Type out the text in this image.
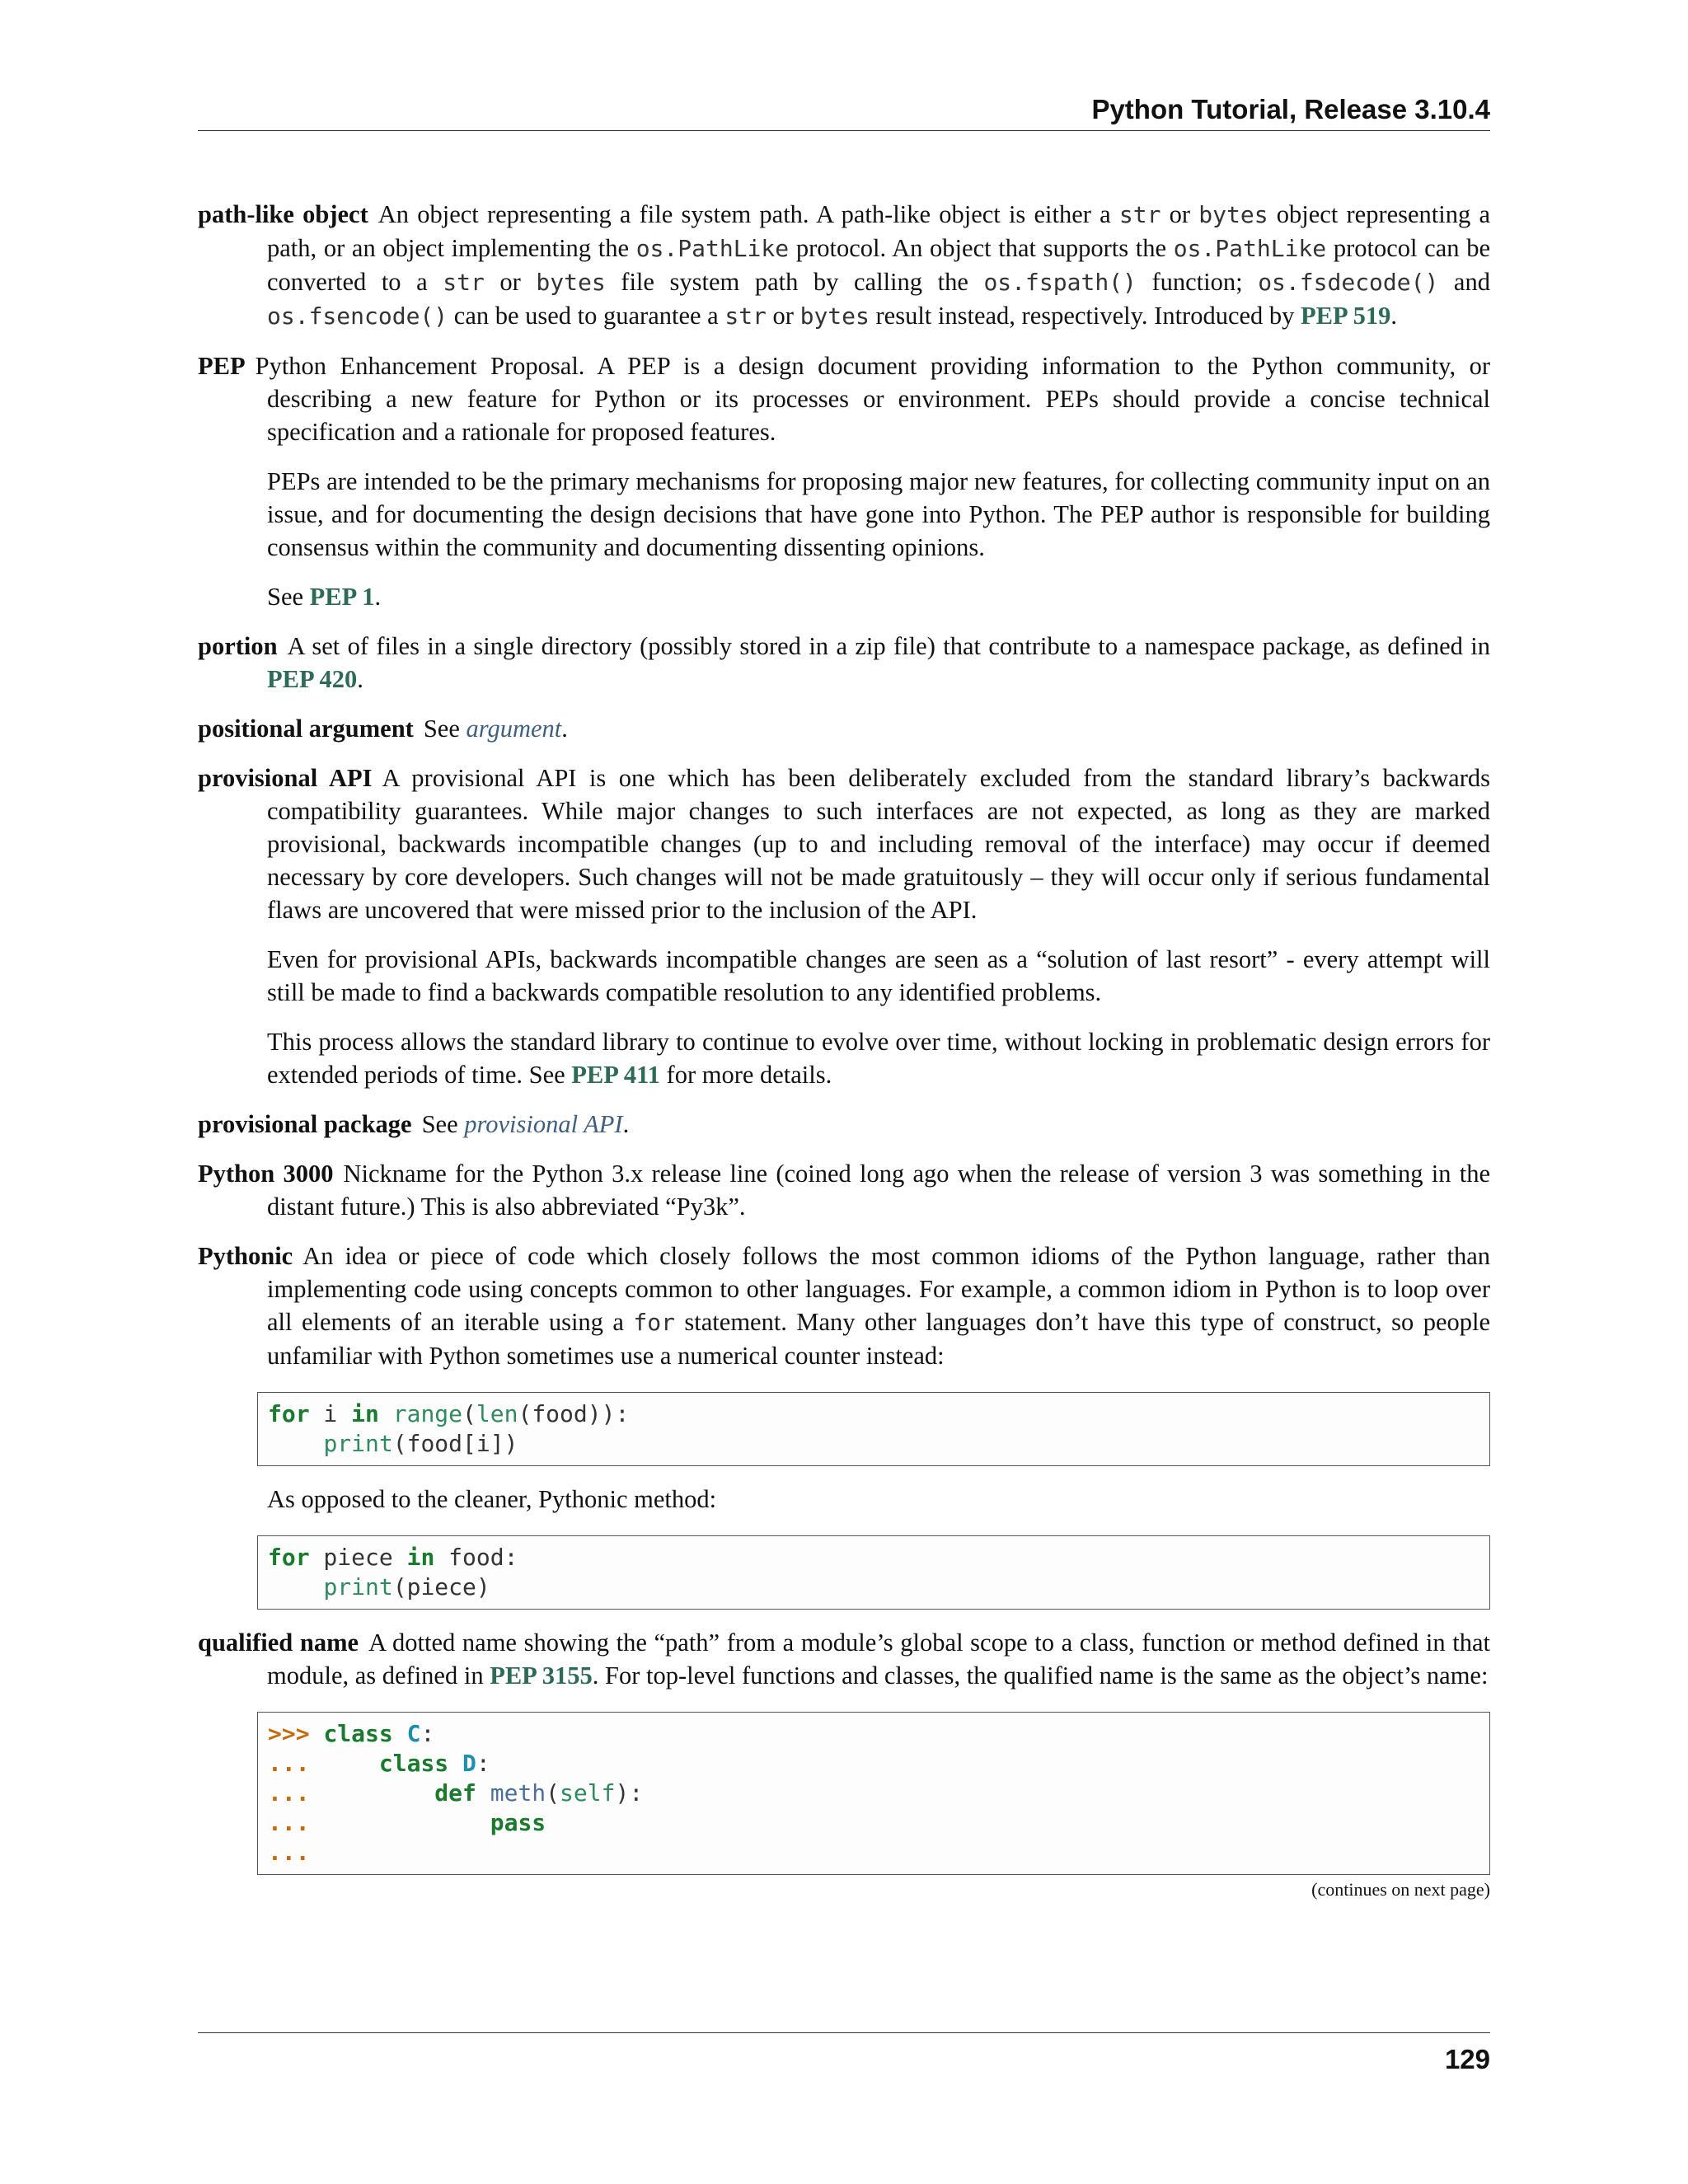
Python Tutorial, Release 3.10.4

path-like object An object representing a file system path. A path-like object is either a str or bytes object representing a path, or an object implementing the os.PathLike protocol. An object that supports the os.PathLike protocol can be converted to a str or bytes file system path by calling the os.fspath() function; os.fsdecode() and os.fsencode() can be used to guarantee a str or bytes result instead, respectively. Introduced by PEP 519.

PEP Python Enhancement Proposal. A PEP is a design document providing information to the Python community, or describing a new feature for Python or its processes or environment. PEPs should provide a concise technical specification and a rationale for proposed features.

PEPs are intended to be the primary mechanisms for proposing major new features, for collecting community input on an issue, and for documenting the design decisions that have gone into Python. The PEP author is responsible for building consensus within the community and documenting dissenting opinions.

See PEP 1.

portion A set of files in a single directory (possibly stored in a zip file) that contribute to a namespace package, as defined in PEP 420.

positional argument See argument.

provisional API A provisional API is one which has been deliberately excluded from the standard library’s backwards compatibility guarantees. While major changes to such interfaces are not expected, as long as they are marked provisional, backwards incompatible changes (up to and including removal of the interface) may occur if deemed necessary by core developers. Such changes will not be made gratuitously – they will occur only if serious fundamental flaws are uncovered that were missed prior to the inclusion of the API.

Even for provisional APIs, backwards incompatible changes are seen as a “solution of last resort” - every attempt will still be made to find a backwards compatible resolution to any identified problems.

This process allows the standard library to continue to evolve over time, without locking in problematic design errors for extended periods of time. See PEP 411 for more details.

provisional package See provisional API.

Python 3000 Nickname for the Python 3.x release line (coined long ago when the release of version 3 was something in the distant future.) This is also abbreviated “Py3k”.

Pythonic An idea or piece of code which closely follows the most common idioms of the Python language, rather than implementing code using concepts common to other languages. For example, a common idiom in Python is to loop over all elements of an iterable using a for statement. Many other languages don’t have this type of construct, so people unfamiliar with Python sometimes use a numerical counter instead:

for i in range(len(food)):
print(food[i])

As opposed to the cleaner, Pythonic method:

for piece in food:
print(piece)

qualified name A dotted name showing the “path” from a module’s global scope to a class, function or method defined in that module, as defined in PEP 3155. For top-level functions and classes, the qualified name is the same as the object’s name:

>>> class C:
...	class D:
...	def meth(self):
...	pass
...

(continues on next page)

129
